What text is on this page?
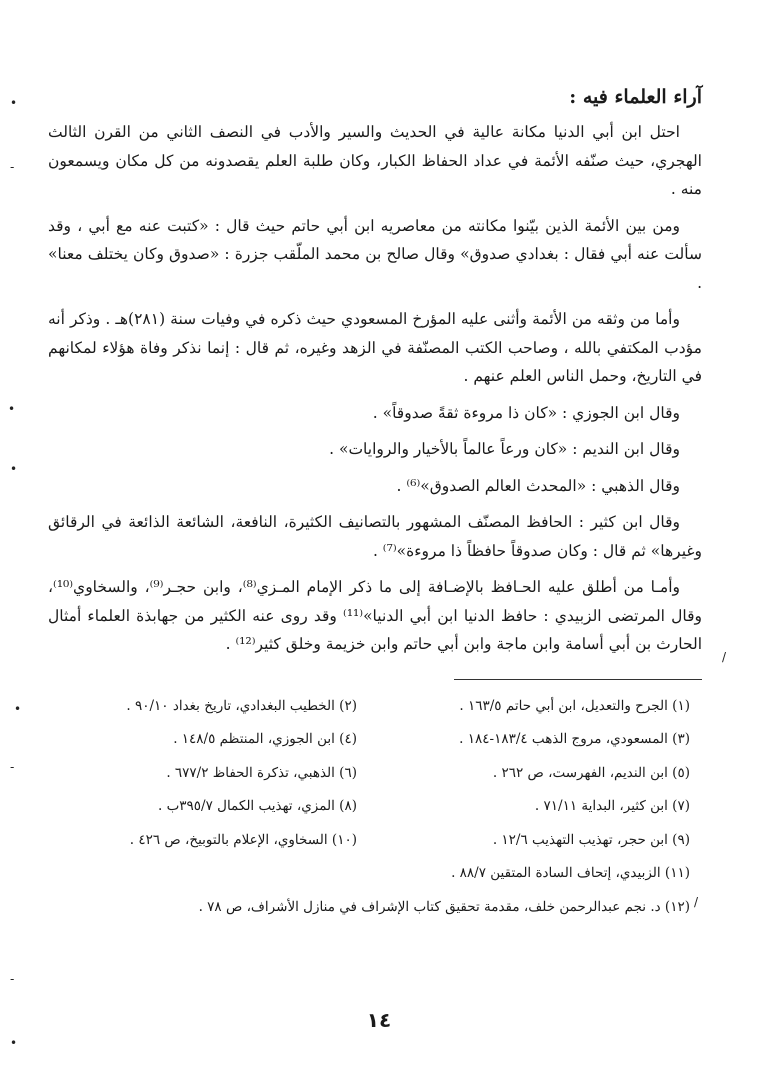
آراء العلماء فيه :

احتل ابن أبي الدنيا مكانة عالية في الحديث والسير والأدب في النصف الثاني من القرن الثالث الهجري، حيث صنّفه الأئمة في عداد الحفاظ الكبار، وكان طلبة العلم يقصدونه من كل مكان ويسمعون منه .

ومن بين الأئمة الذين بيّنوا مكانته من معاصريه ابن أبي حاتم حيث قال : «كتبت عنه مع أبي ، وقد سألت عنه أبي فقال : بغدادي صدوق» وقال صالح بن محمد الملّقب جزرة : «صدوق وكان يختلف معنا» .

وأما من وثقه من الأئمة وأثنى عليه المؤرخ المسعودي حيث ذكره في وفيات سنة (٢٨١)هـ . وذكر أنه مؤدب المكتفي بالله ، وصاحب الكتب المصنّفة في الزهد وغيره، ثم قال : إنما نذكر وفاة هؤلاء لمكانهم في التاريخ، وحمل الناس العلم عنهم .

وقال ابن الجوزي : «كان ذا مروءة ثقةً صدوقاً» .

وقال ابن النديم : «كان ورعاً عالماً بالأخيار والروايات» .

وقال الذهبي : «المحدث العالم الصدوق»⁽⁶⁾ .

وقال ابن كثير : الحافظ المصنّف المشهور بالتصانيف الكثيرة، النافعة، الشائعة الذائعة في الرقائق وغيرها» ثم قال : وكان صدوقاً حافظاً ذا مروءة»⁽⁷⁾ .

وأمـا من أطلق عليه الحـافظ بالإضـافة إلى ما ذكر الإمام المـزي⁽⁸⁾، وابن حجـر⁽⁹⁾، والسخاوي⁽¹⁰⁾، وقال المرتضى الزبيدي : حافظ الدنيا ابن أبي الدنيا»⁽¹¹⁾ وقد روى عنه الكثير من جهابذة العلماء أمثال الحارث بن أبي أسامة وابن ماجة وابن أبي حاتم وابن خزيمة وخلق كثير⁽¹²⁾ .

(١) الجرح والتعديل، ابن أبي حاتم ١٦٣/٥ .
(٢) الخطيب البغدادي، تاريخ بغداد ٩٠/١٠ .
(٣) المسعودي، مروج الذهب ١٨٣/٤-١٨٤ .
(٤) ابن الجوزي، المنتظم ١٤٨/٥ .
(٥) ابن النديم، الفهرست، ص ٢٦٢ .
(٦) الذهبي، تذكرة الحفاظ ٦٧٧/٢ .
(٧) ابن كثير، البداية ٧١/١١ .
(٨) المزي، تهذيب الكمال ٣٩٥/٧ب .
(٩) ابن حجر، تهذيب التهذيب ١٢/٦ .
(١٠) السخاوي، الإعلام بالتوبيخ، ص ٤٢٦ .
(١١) الزبيدي، إتحاف السادة المتقين ٨٨/٧ .
(١٢) د. نجم عبدالرحمن خلف، مقدمة تحقيق كتاب الإشراف في منازل الأشراف، ص ٧٨ .
١٤
•
-
•
•
•
-
-
•
/
/
